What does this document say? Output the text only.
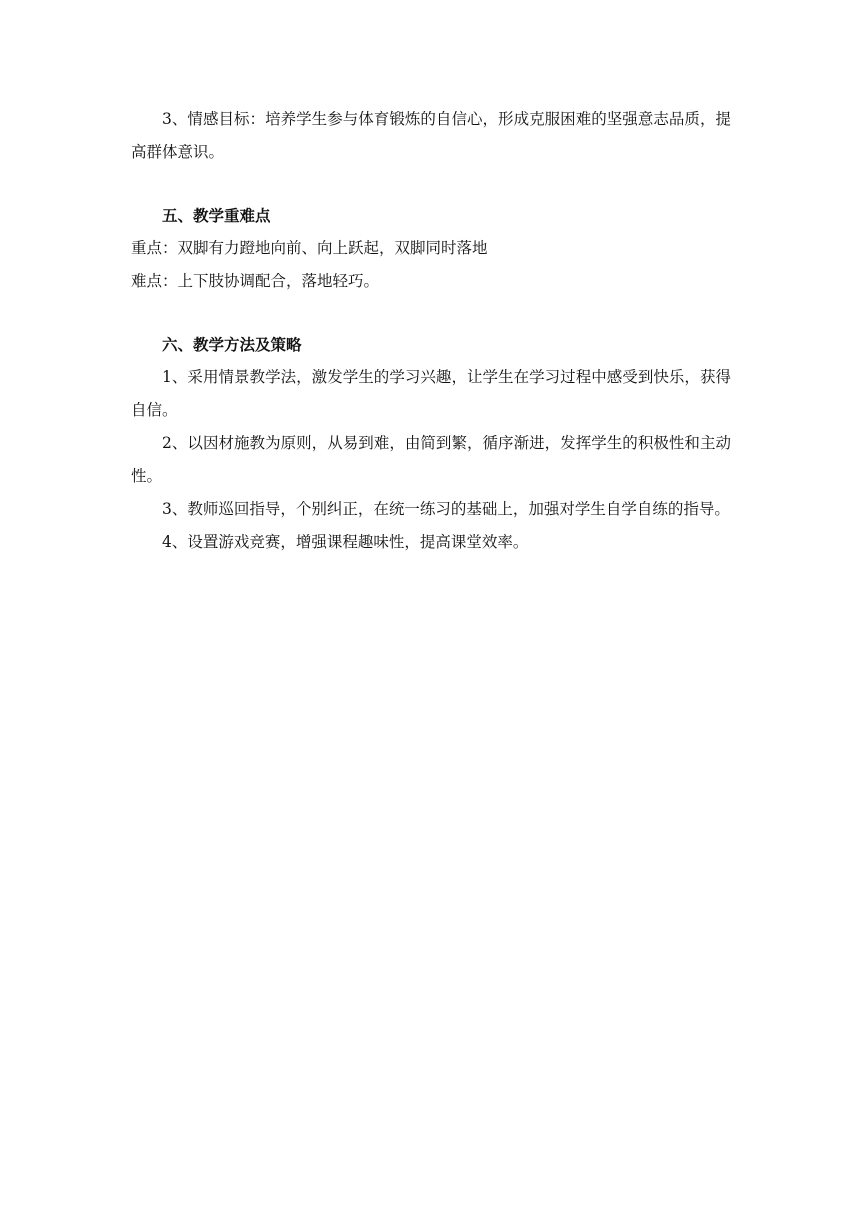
3、情感目标：培养学生参与体育锻炼的自信心，形成克服困难的坚强意志品质，提高群体意识。

五、教学重难点

重点：双脚有力蹬地向前、向上跃起，双脚同时落地

难点：上下肢协调配合，落地轻巧。

六、教学方法及策略

1、采用情景教学法，激发学生的学习兴趣，让学生在学习过程中感受到快乐，获得自信。

2、以因材施教为原则，从易到难，由简到繁，循序渐进，发挥学生的积极性和主动性。

3、教师巡回指导，个别纠正，在统一练习的基础上，加强对学生自学自练的指导。

4、设置游戏竞赛，增强课程趣味性，提高课堂效率。
